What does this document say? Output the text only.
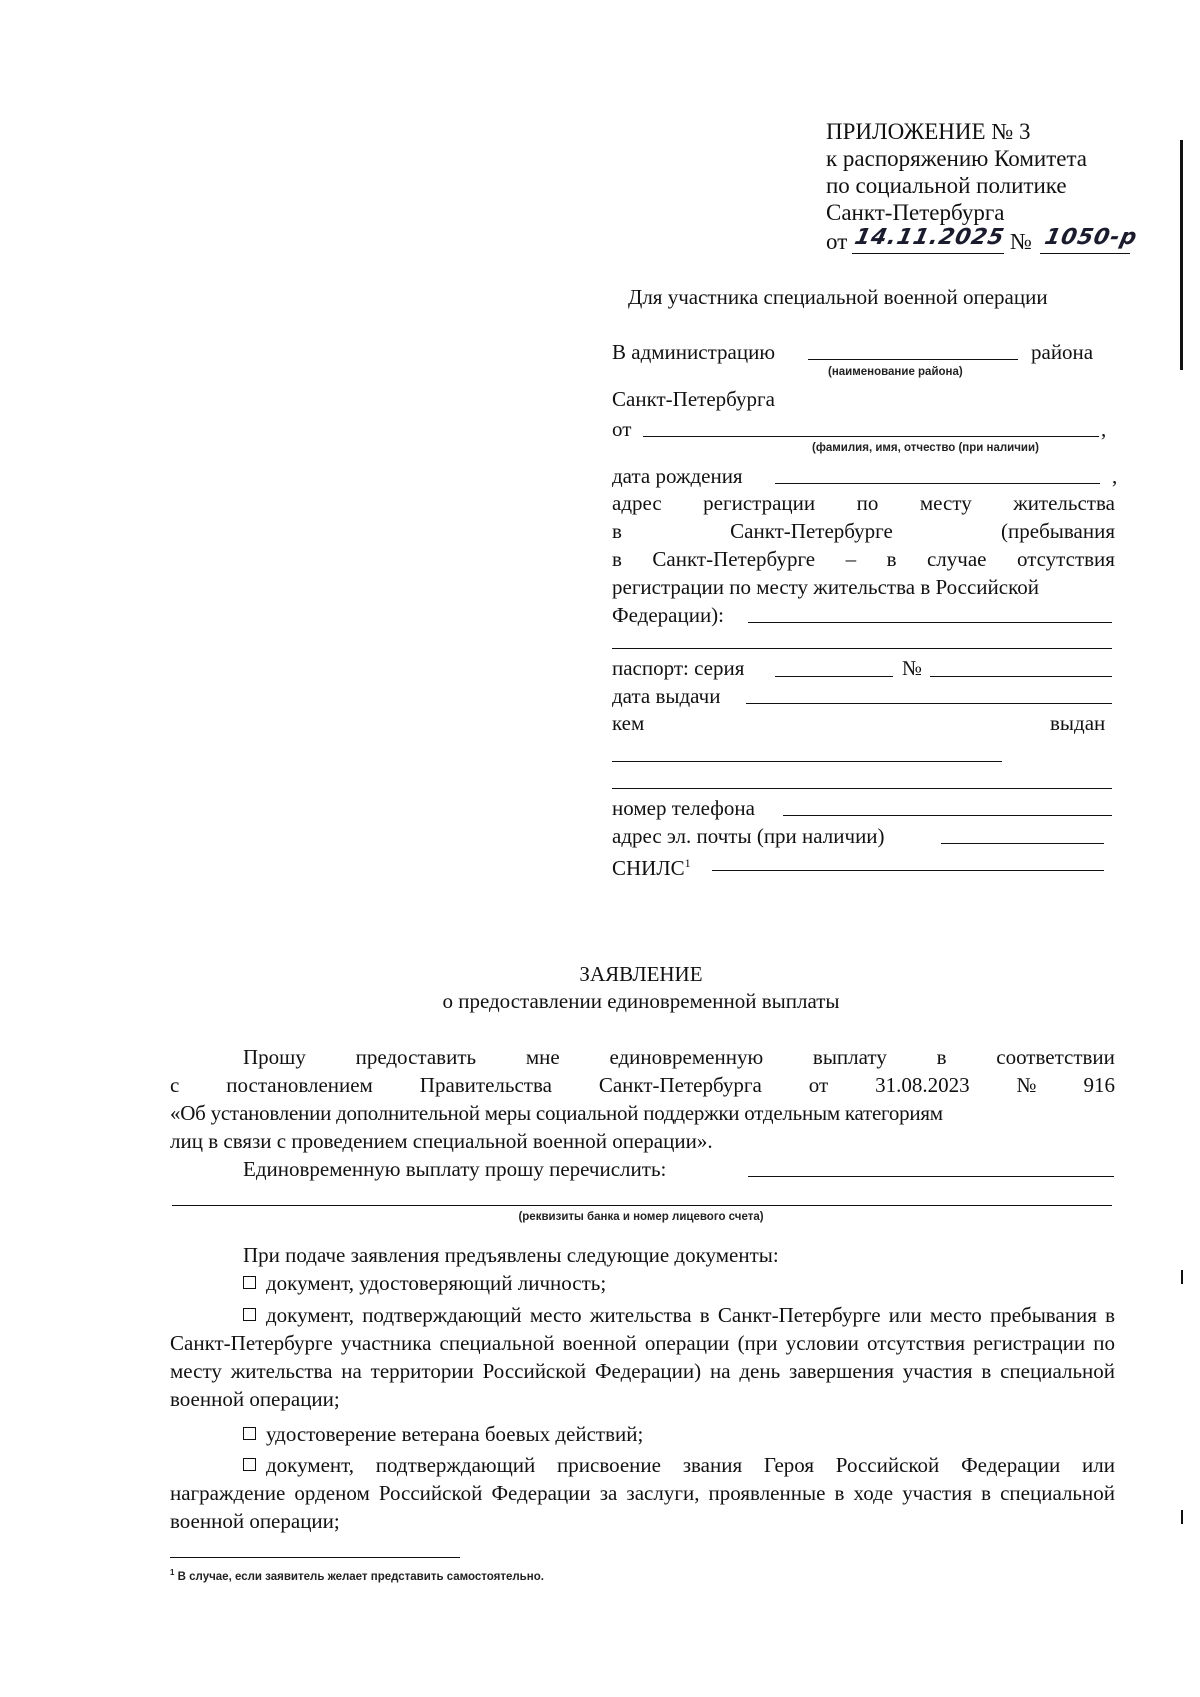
ПРИЛОЖЕНИЕ № 3
к распоряжению Комитета
по социальной политике
Санкт-Петербурга
от 14.11.2025 № 1050-р
Для участника специальной военной операции
В администрацию	района
(наименование района)
Санкт-Петербурга
от	,
(фамилия, имя, отчество (при наличии)
дата рождения	,
адрес регистрации по месту жительства
в	Санкт-Петербурге	(пребывания
в Санкт-Петербурге – в случае отсутствия
регистрации по месту жительства в Российской
Федерации):
паспорт: серия	№
дата выдачи
кем	выдан
номер телефона
адрес эл. почты (при наличии)
СНИЛС$^1$
ЗАЯВЛЕНИЕ
о предоставлении единовременной выплаты
Прошу предоставить мне единовременную выплату в соответствии
с постановлением Правительства Санкт-Петербурга от 31.08.2023 № 916
«Об установлении дополнительной меры социальной поддержки отдельным категориям
лиц в связи с проведением специальной военной операции».
Единовременную выплату прошу перечислить:
(реквизиты банка и номер лицевого счета)
При подаче заявления предъявлены следующие документы:
документ, удостоверяющий личность;
документ, подтверждающий место жительства в Санкт-Петербурге или место пребывания в Санкт-Петербурге участника специальной военной операции (при условии отсутствия регистрации по месту жительства на территории Российской Федерации) на день завершения участия в специальной военной операции;
удостоверение ветерана боевых действий;
документ, подтверждающий присвоение звания Героя Российской Федерации или награждение орденом Российской Федерации за заслуги, проявленные в ходе участия в специальной военной операции;
$^1$ В случае, если заявитель желает представить самостоятельно.
